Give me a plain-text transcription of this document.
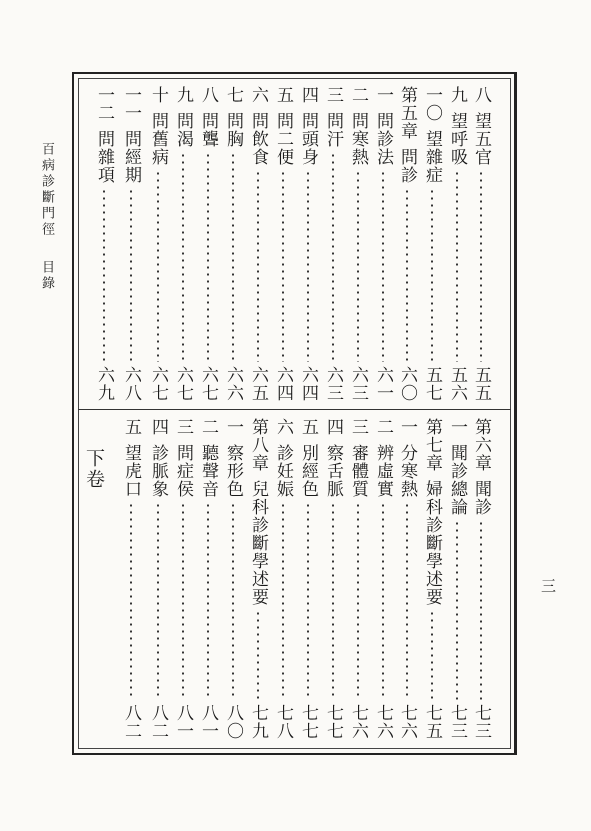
百病診斷門徑目錄
八
望五官
五五
九
望呼吸
五六
一〇
望雜症
五七
第五章
問診
六〇
一
問診法
六一
二
問寒熱
六三
三
問汗
六三
四
問頭身
六四
五
問二便
六四
六
問飲食
六五
七
問胸
六六
八
問聾
六七
九
問渴
六七
十
問舊病
六七
一一
問經期
六八
一二
問雜項
六九
第六章
聞診
七三
一
聞診總論
七三
第七章
婦科診斷學述要
七五
一
分寒熱
七六
二
辨虛實
七六
三
審體質
七六
四
察舌脈
七七
五
別經色
七七
六
診妊娠
七八
第八章
兒科診斷學述要
七九
一
察形色
八〇
二
聽聲音
八一
三
問症侯
八一
四
診脈象
八二
五
望虎口
八二
下卷
三
